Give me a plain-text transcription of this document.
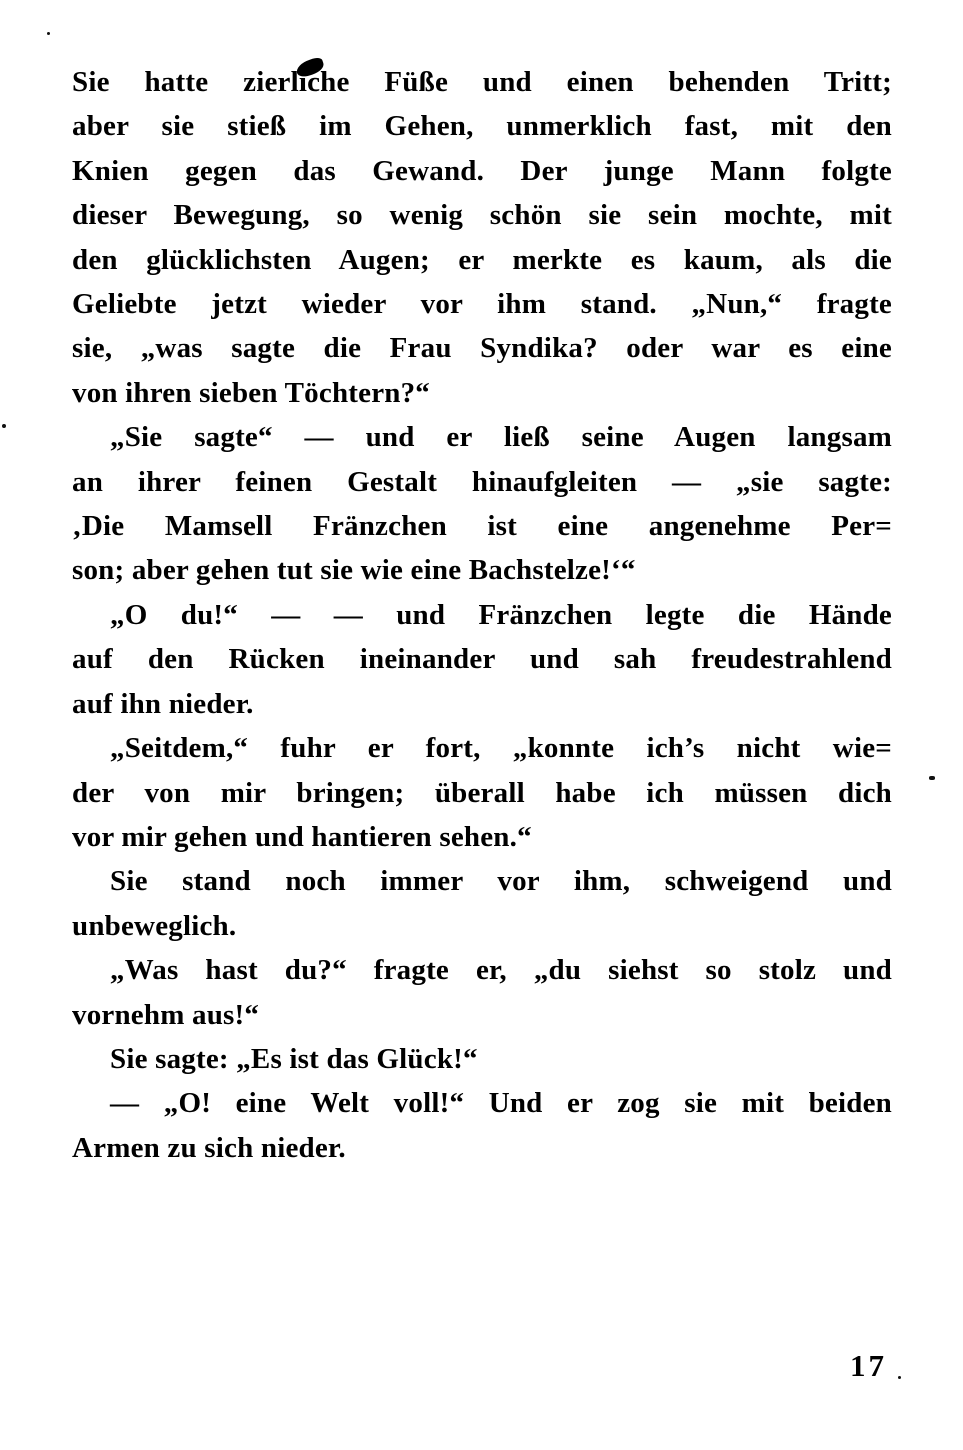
Sie hatte zierliche Füße und einen behenden Tritt;
aber sie stieß im Gehen, unmerklich fast, mit den
Knien gegen das Gewand. Der junge Mann folgte
dieser Bewegung, so wenig schön sie sein mochte, mit
den glücklichsten Augen; er merkte es kaum, als die
Geliebte jetzt wieder vor ihm stand. „Nun,“ fragte
sie, „was sagte die Frau Syndika? oder war es eine
von ihren sieben Töchtern?“
„Sie sagte“ — und er ließ seine Augen langsam
an ihrer feinen Gestalt hinaufgleiten — „sie sagte:
‚Die Mamsell Fränzchen ist eine angenehme Per=
son; aber gehen tut sie wie eine Bachstelze!‘“
„O du!“ — — und Fränzchen legte die Hände
auf den Rücken ineinander und sah freudestrahlend
auf ihn nieder.
„Seitdem,“ fuhr er fort, „konnte ich’s nicht wie=
der von mir bringen; überall habe ich müssen dich
vor mir gehen und hantieren sehen.“
Sie stand noch immer vor ihm, schweigend und
unbeweglich.
„Was hast du?“ fragte er, „du siehst so stolz und
vornehm aus!“
Sie sagte: „Es ist das Glück!“
— „O! eine Welt voll!“ Und er zog sie mit beiden
Armen zu sich nieder.
17
